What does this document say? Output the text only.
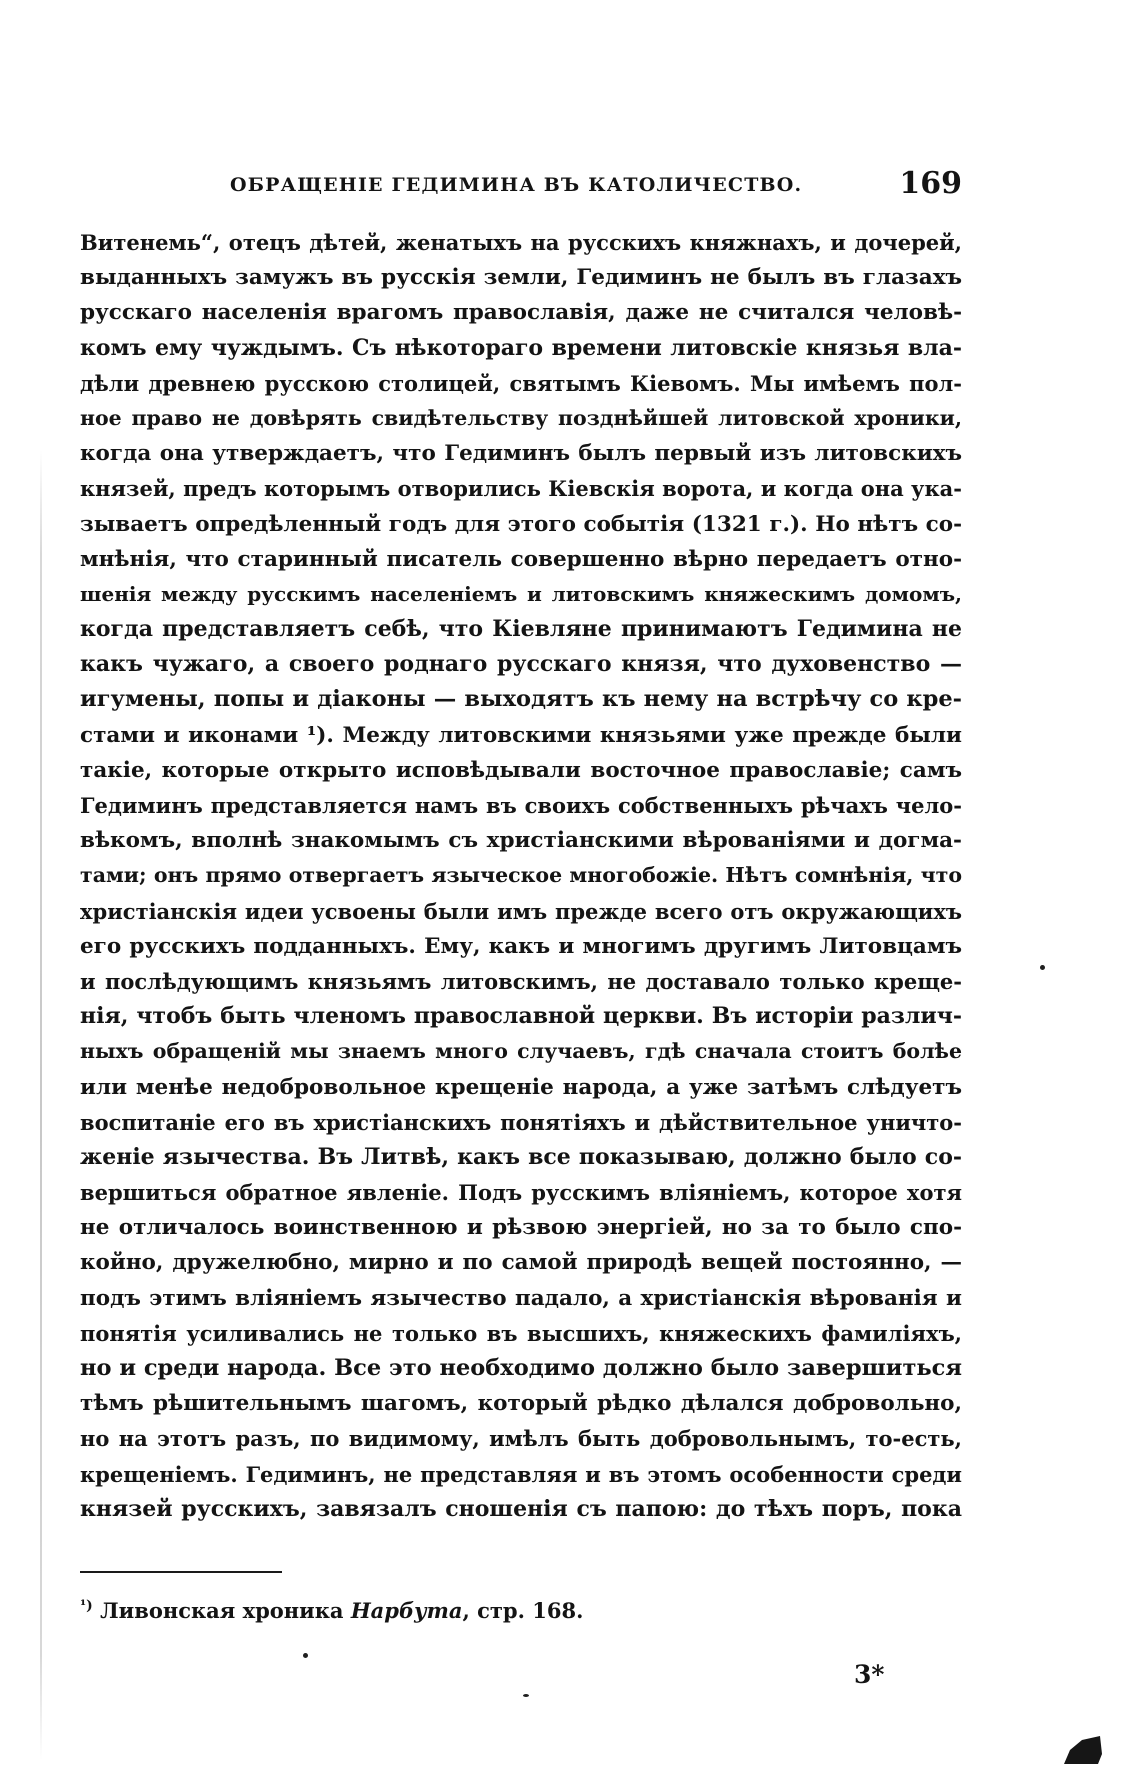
ОБРАЩЕНІЕ ГЕДИМИНА ВЪ КАТОЛИЧЕСТВО.	169
Витенемь“, отецъ дѣтей, женатыхъ на русскихъ княжнахъ, и дочерей,
выданныхъ замужъ въ русскія земли, Гедиминъ не былъ въ глазахъ
русскаго населенія врагомъ православія, даже не считался человѣ-
комъ ему чуждымъ. Съ нѣкотораго времени литовскіе князья вла-
дѣли древнею русскою столицей, святымъ Кіевомъ. Мы имѣемъ пол-
ное право не довѣрять свидѣтельству позднѣйшей литовской хроники,
когда она утверждаетъ, что Гедиминъ былъ первый изъ литовскихъ
князей, предъ которымъ отворились Кіевскія ворота, и когда она ука-
зываетъ опредѣленный годъ для этого событія (1321 г.). Но нѣтъ со-
мнѣнія, что старинный писатель совершенно вѣрно передаетъ отно-
шенія между русскимъ населеніемъ и литовскимъ княжескимъ домомъ,
когда представляетъ себѣ, что Кіевляне принимаютъ Гедимина не
какъ чужаго, а своего роднаго русскаго князя, что духовенство —
игумены, попы и діаконы — выходятъ къ нему на встрѣчу со кре-
стами и иконами ¹). Между литовскими князьями уже прежде были
такіе, которые открыто исповѣдывали восточное православіе; самъ
Гедиминъ представляется намъ въ своихъ собственныхъ рѣчахъ чело-
вѣкомъ, вполнѣ знакомымъ съ христіанскими вѣрованіями и догма-
тами; онъ прямо отвергаетъ языческое многобожіе. Нѣтъ сомнѣнія, что
христіанскія идеи усвоены были имъ прежде всего отъ окружающихъ
его русскихъ подданныхъ. Ему, какъ и многимъ другимъ Литовцамъ
и послѣдующимъ князьямъ литовскимъ, не доставало только креще-
нія, чтобъ быть членомъ православной церкви. Въ исторіи различ-
ныхъ обращеній мы знаемъ много случаевъ, гдѣ сначала стоитъ болѣе
или менѣе недобровольное крещеніе народа, а уже затѣмъ слѣдуетъ
воспитаніе его въ христіанскихъ понятіяхъ и дѣйствительное уничто-
женіе язычества. Въ Литвѣ, какъ все показываю, должно было со-
вершиться обратное явленіе. Подъ русскимъ вліяніемъ, которое хотя
не отличалось воинственною и рѣзвою энергіей, но за то было спо-
койно, дружелюбно, мирно и по самой природѣ вещей постоянно, —
подъ этимъ вліяніемъ язычество падало, а христіанскія вѣрованія и
понятія усиливались не только въ высшихъ, княжескихъ фамиліяхъ,
но и среди народа. Все это необходимо должно было завершиться
тѣмъ рѣшительнымъ шагомъ, который рѣдко дѣлался добровольно,
но на этотъ разъ, по видимому, имѣлъ быть добровольнымъ, то-есть,
крещеніемъ. Гедиминъ, не представляя и въ этомъ особенности среди
князей русскихъ, завязалъ сношенія съ папою: до тѣхъ поръ, пока
$^{^1)}$ Ливонская хроника Нарбута, стр. 168.
3*
